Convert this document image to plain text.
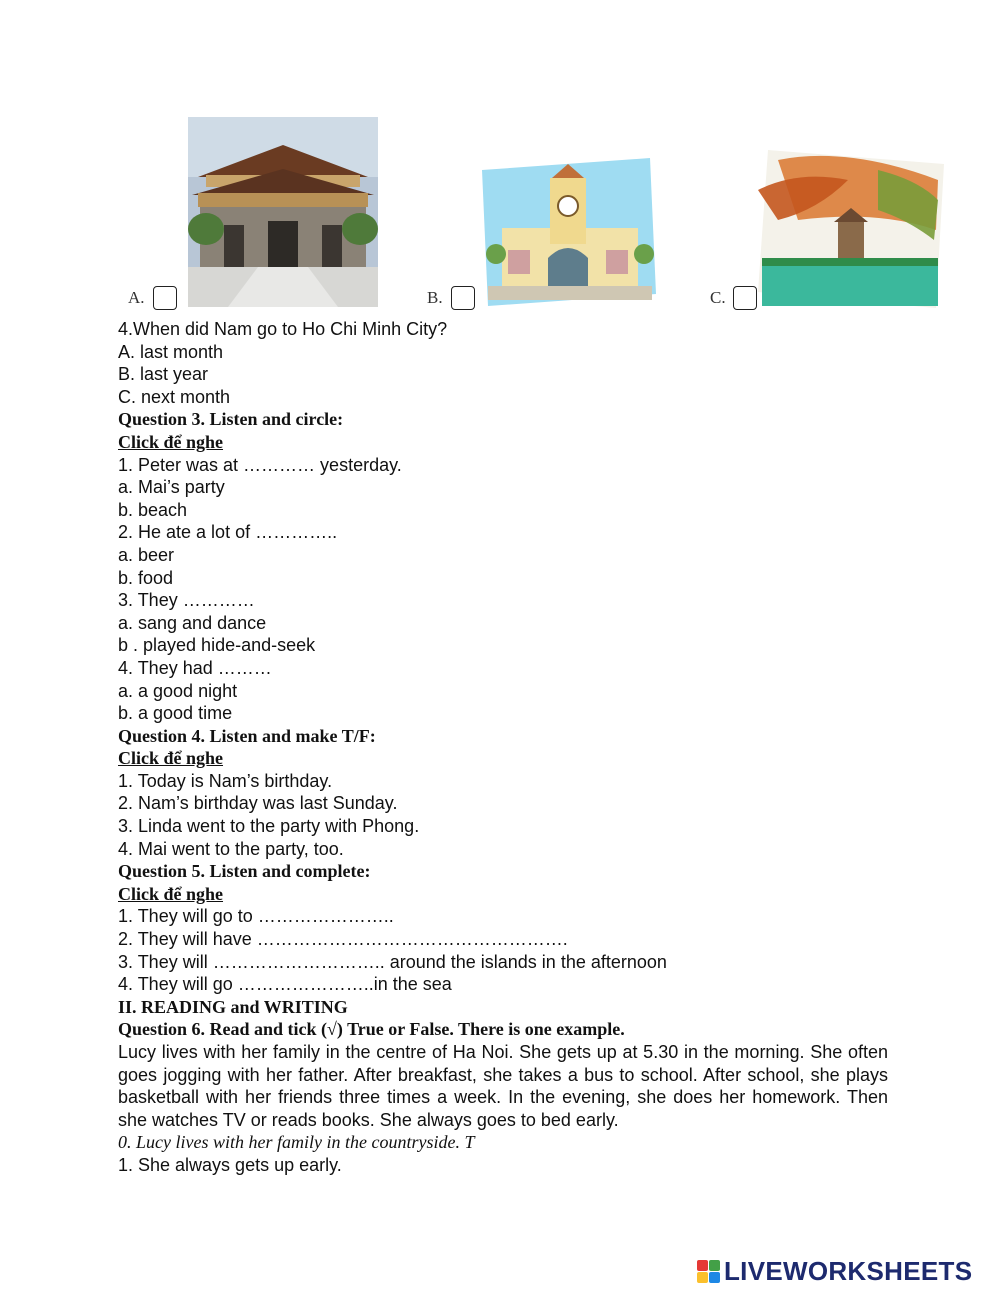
A.	B.	C.
4.When did Nam go to Ho Chi Minh City?
A. last month
B. last year
C. next month
Question 3. Listen and circle:
Click để nghe
1. Peter was at ………… yesterday.
a. Mai’s party
b. beach
2. He ate a lot of …………..
a. beer
b. food
3. They …………
a. sang and dance
b . played hide-and-seek
4. They had ………
a. a good night
b. a good time
Question 4. Listen and make T/F:
Click để nghe
1. Today is Nam’s birthday.
2. Nam’s birthday was last Sunday.
3. Linda went to the party with Phong.
4. Mai went to the party, too.
Question 5. Listen and complete:
Click để nghe
1. They will go to …………………..
2. They will have …………………………………………….
3. They will ……………………….. around the islands in the afternoon
4. They will go …………………..in the sea
II. READING and WRITING
Question 6. Read and tick (√) True or False. There is one example.
Lucy lives with her family in the centre of Ha Noi. She gets up at 5.30 in the morning. She often goes jogging with her father. After breakfast, she takes a bus to school. After school, she plays basketball with her friends three times a week. In the evening, she does her homework. Then she watches TV or reads books. She always goes to bed early.
0. Lucy lives with her family in the countryside. T
1. She always gets up early.
LIVEWORKSHEETS
